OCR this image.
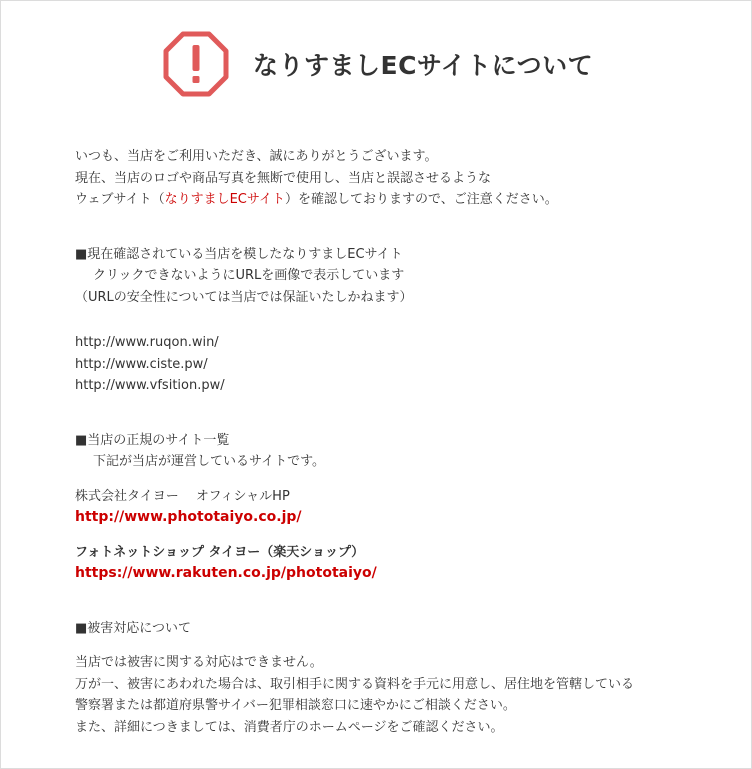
なりすましECサイトについて

いつも、当店をご利用いただき、誠にありがとうございます。

現在、当店のロゴや商品写真を無断で使用し、当店と誤認させるような

ウェブサイト（なりすましECサイト）を確認しておりますので、ご注意ください。

■現在確認されている当店を模したなりすましECサイト

クリックできないようにURLを画像で表示しています

（URLの安全性については当店では保証いたしかねます）

http://www.ruqon.win/

http://www.ciste.pw/

http://www.vfsition.pw/

■当店の正規のサイト一覧

下記が当店が運営しているサイトです。

株式会社タイヨー　 オフィシャルHP

http://www.phototaiyo.co.jp/

フォトネットショップ タイヨー（楽天ショップ）

https://www.rakuten.co.jp/phototaiyo/

■被害対応について

当店では被害に関する対応はできません。

万が一、被害にあわれた場合は、取引相手に関する資料を手元に用意し、居住地を管轄している

警察署または都道府県警サイバー犯罪相談窓口に速やかにご相談ください。

また、詳細につきましては、消費者庁のホームページをご確認ください。
